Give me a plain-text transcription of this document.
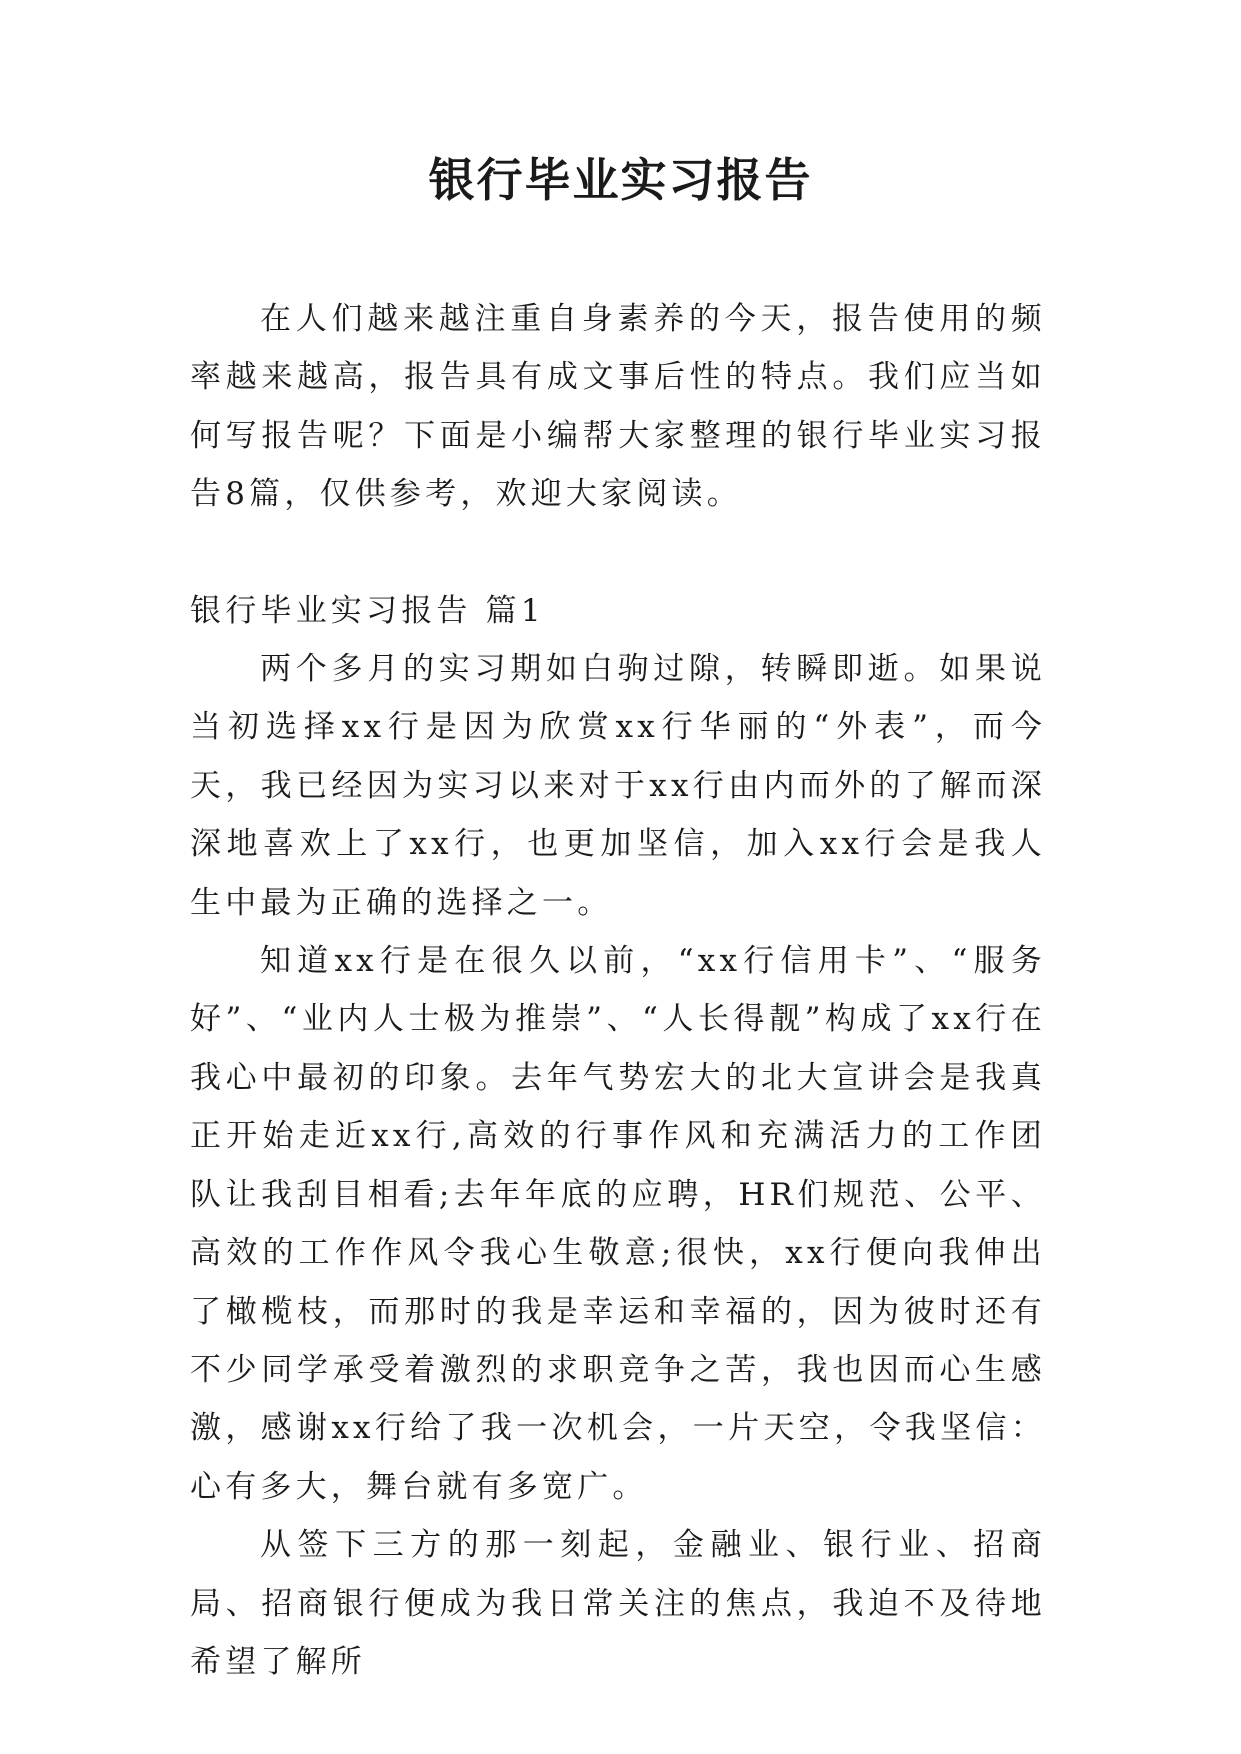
银行毕业实习报告

在人们越来越注重自身素养的今天，报告使用的频率越来越高，报告具有成文事后性的特点。我们应当如何写报告呢？下面是小编帮大家整理的银行毕业实习报告8篇，仅供参考，欢迎大家阅读。

银行毕业实习报告 篇1

两个多月的实习期如白驹过隙，转瞬即逝。如果说当初选择xx行是因为欣赏xx行华丽的“外表”，而今天，我已经因为实习以来对于xx行由内而外的了解而深深地喜欢上了xx行，也更加坚信，加入xx行会是我人生中最为正确的选择之一。

知道xx行是在很久以前，“xx行信用卡”、“服务好”、“业内人士极为推崇”、“人长得靓”构成了xx行在我心中最初的印象。去年气势宏大的北大宣讲会是我真正开始走近xx行,高效的行事作风和充满活力的工作团队让我刮目相看;去年年底的应聘，HR们规范、公平、高效的工作作风令我心生敬意;很快，xx行便向我伸出了橄榄枝，而那时的我是幸运和幸福的，因为彼时还有不少同学承受着激烈的求职竞争之苦，我也因而心生感激，感谢xx行给了我一次机会，一片天空，令我坚信：心有多大，舞台就有多宽广。

从签下三方的那一刻起，金融业、银行业、招商局、招商银行便成为我日常关注的焦点，我迫不及待地希望了解所
